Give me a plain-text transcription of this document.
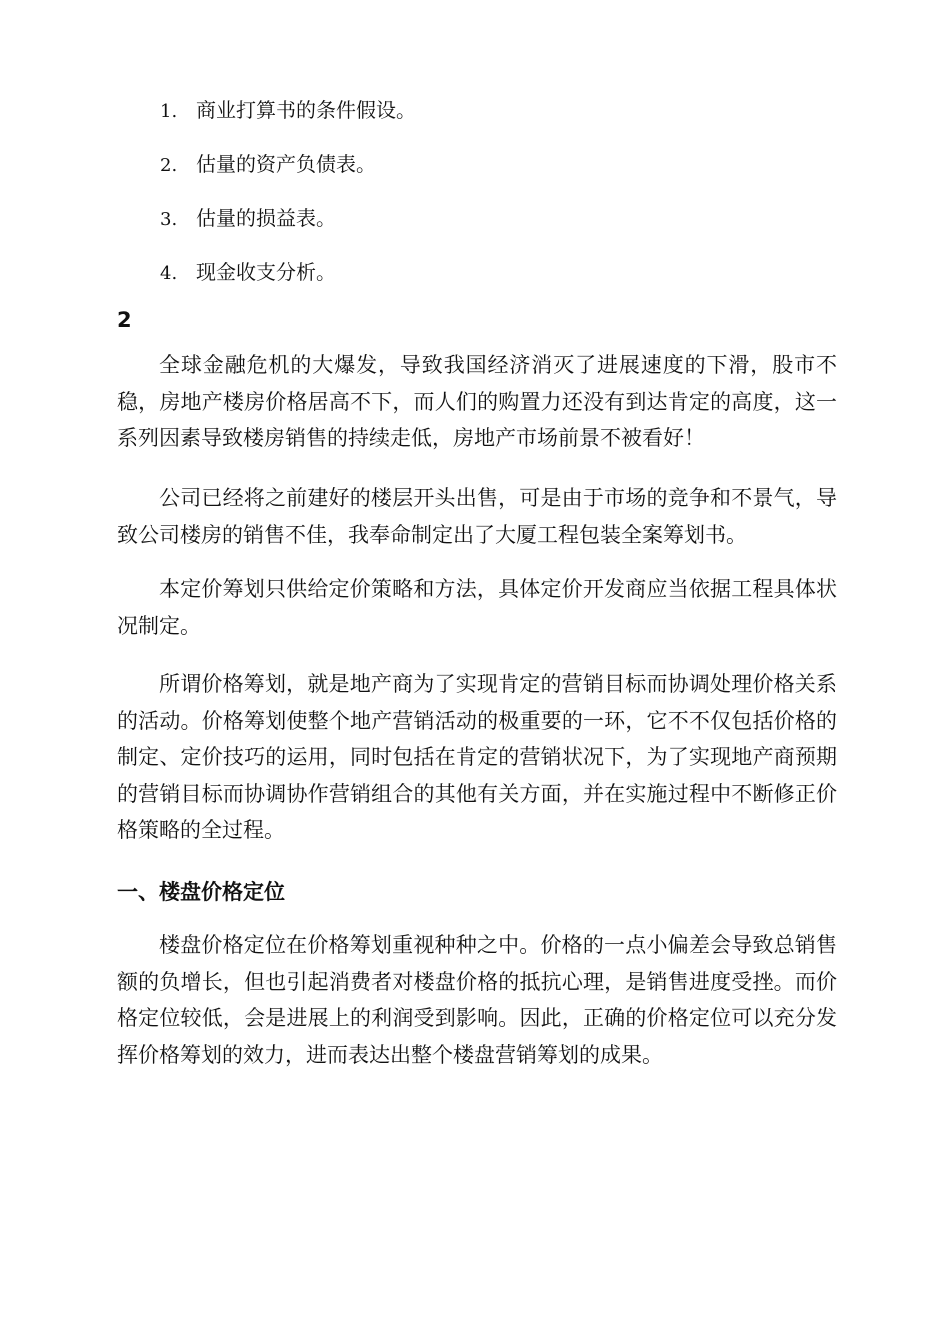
1. 商业打算书的条件假设。
2. 估量的资产负债表。
3. 估量的损益表。
4. 现金收支分析。
2

全球金融危机的大爆发，导致我国经济消灭了进展速度的下滑，股市不稳，房地产楼房价格居高不下，而人们的购置力还没有到达肯定的高度，这一系列因素导致楼房销售的持续走低，房地产市场前景不被看好！

公司已经将之前建好的楼层开头出售，可是由于市场的竞争和不景气，导致公司楼房的销售不佳，我奉命制定出了大厦工程包装全案筹划书。

本定价筹划只供给定价策略和方法，具体定价开发商应当依据工程具体状况制定。

所谓价格筹划，就是地产商为了实现肯定的营销目标而协调处理价格关系的活动。价格筹划使整个地产营销活动的极重要的一环，它不不仅包括价格的制定、定价技巧的运用，同时包括在肯定的营销状况下，为了实现地产商预期的营销目标而协调协作营销组合的其他有关方面，并在实施过程中不断修正价格策略的全过程。

一、楼盘价格定位

楼盘价格定位在价格筹划重视种种之中。价格的一点小偏差会导致总销售额的负增长，但也引起消费者对楼盘价格的抵抗心理，是销售进度受挫。而价格定位较低，会是进展上的利润受到影响。因此，正确的价格定位可以充分发挥价格筹划的效力，进而表达出整个楼盘营销筹划的成果。
